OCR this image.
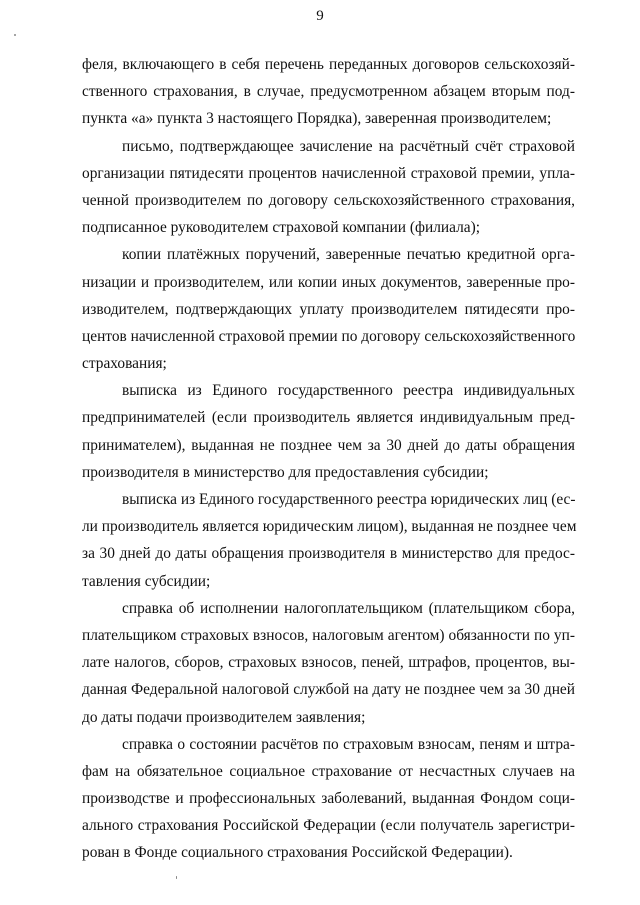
9
феля, включающего в себя перечень переданных договоров сельскохозяй-
ственного страхования, в случае, предусмотренном абзацем вторым под-
пункта «а» пункта 3 настоящего Порядка), заверенная производителем;
письмо, подтверждающее зачисление на расчётный счёт страховой
организации пятидесяти процентов начисленной страховой премии, упла-
ченной производителем по договору сельскохозяйственного страхования,
подписанное руководителем страховой компании (филиала);
копии платёжных поручений, заверенные печатью кредитной орга-
низации и производителем, или копии иных документов, заверенные про-
изводителем, подтверждающих уплату производителем пятидесяти про-
центов начисленной страховой премии по договору сельскохозяйственного
страхования;
выписка из Единого государственного реестра индивидуальных
предпринимателей (если производитель является индивидуальным пред-
принимателем), выданная не позднее чем за 30 дней до даты обращения
производителя в министерство для предоставления субсидии;
выписка из Единого государственного реестра юридических лиц (ес-
ли производитель является юридическим лицом), выданная не позднее чем
за 30 дней до даты обращения производителя в министерство для предос-
тавления субсидии;
справка об исполнении налогоплательщиком (плательщиком сбора,
плательщиком страховых взносов, налоговым агентом) обязанности по уп-
лате налогов, сборов, страховых взносов, пеней, штрафов, процентов, вы-
данная Федеральной налоговой службой на дату не позднее чем за 30 дней
до даты подачи производителем заявления;
справка о состоянии расчётов по страховым взносам, пеням и штра-
фам на обязательное социальное страхование от несчастных случаев на
производстве и профессиональных заболеваний, выданная Фондом соци-
ального страхования Российской Федерации (если получатель зарегистри-
рован в Фонде социального страхования Российской Федерации).
